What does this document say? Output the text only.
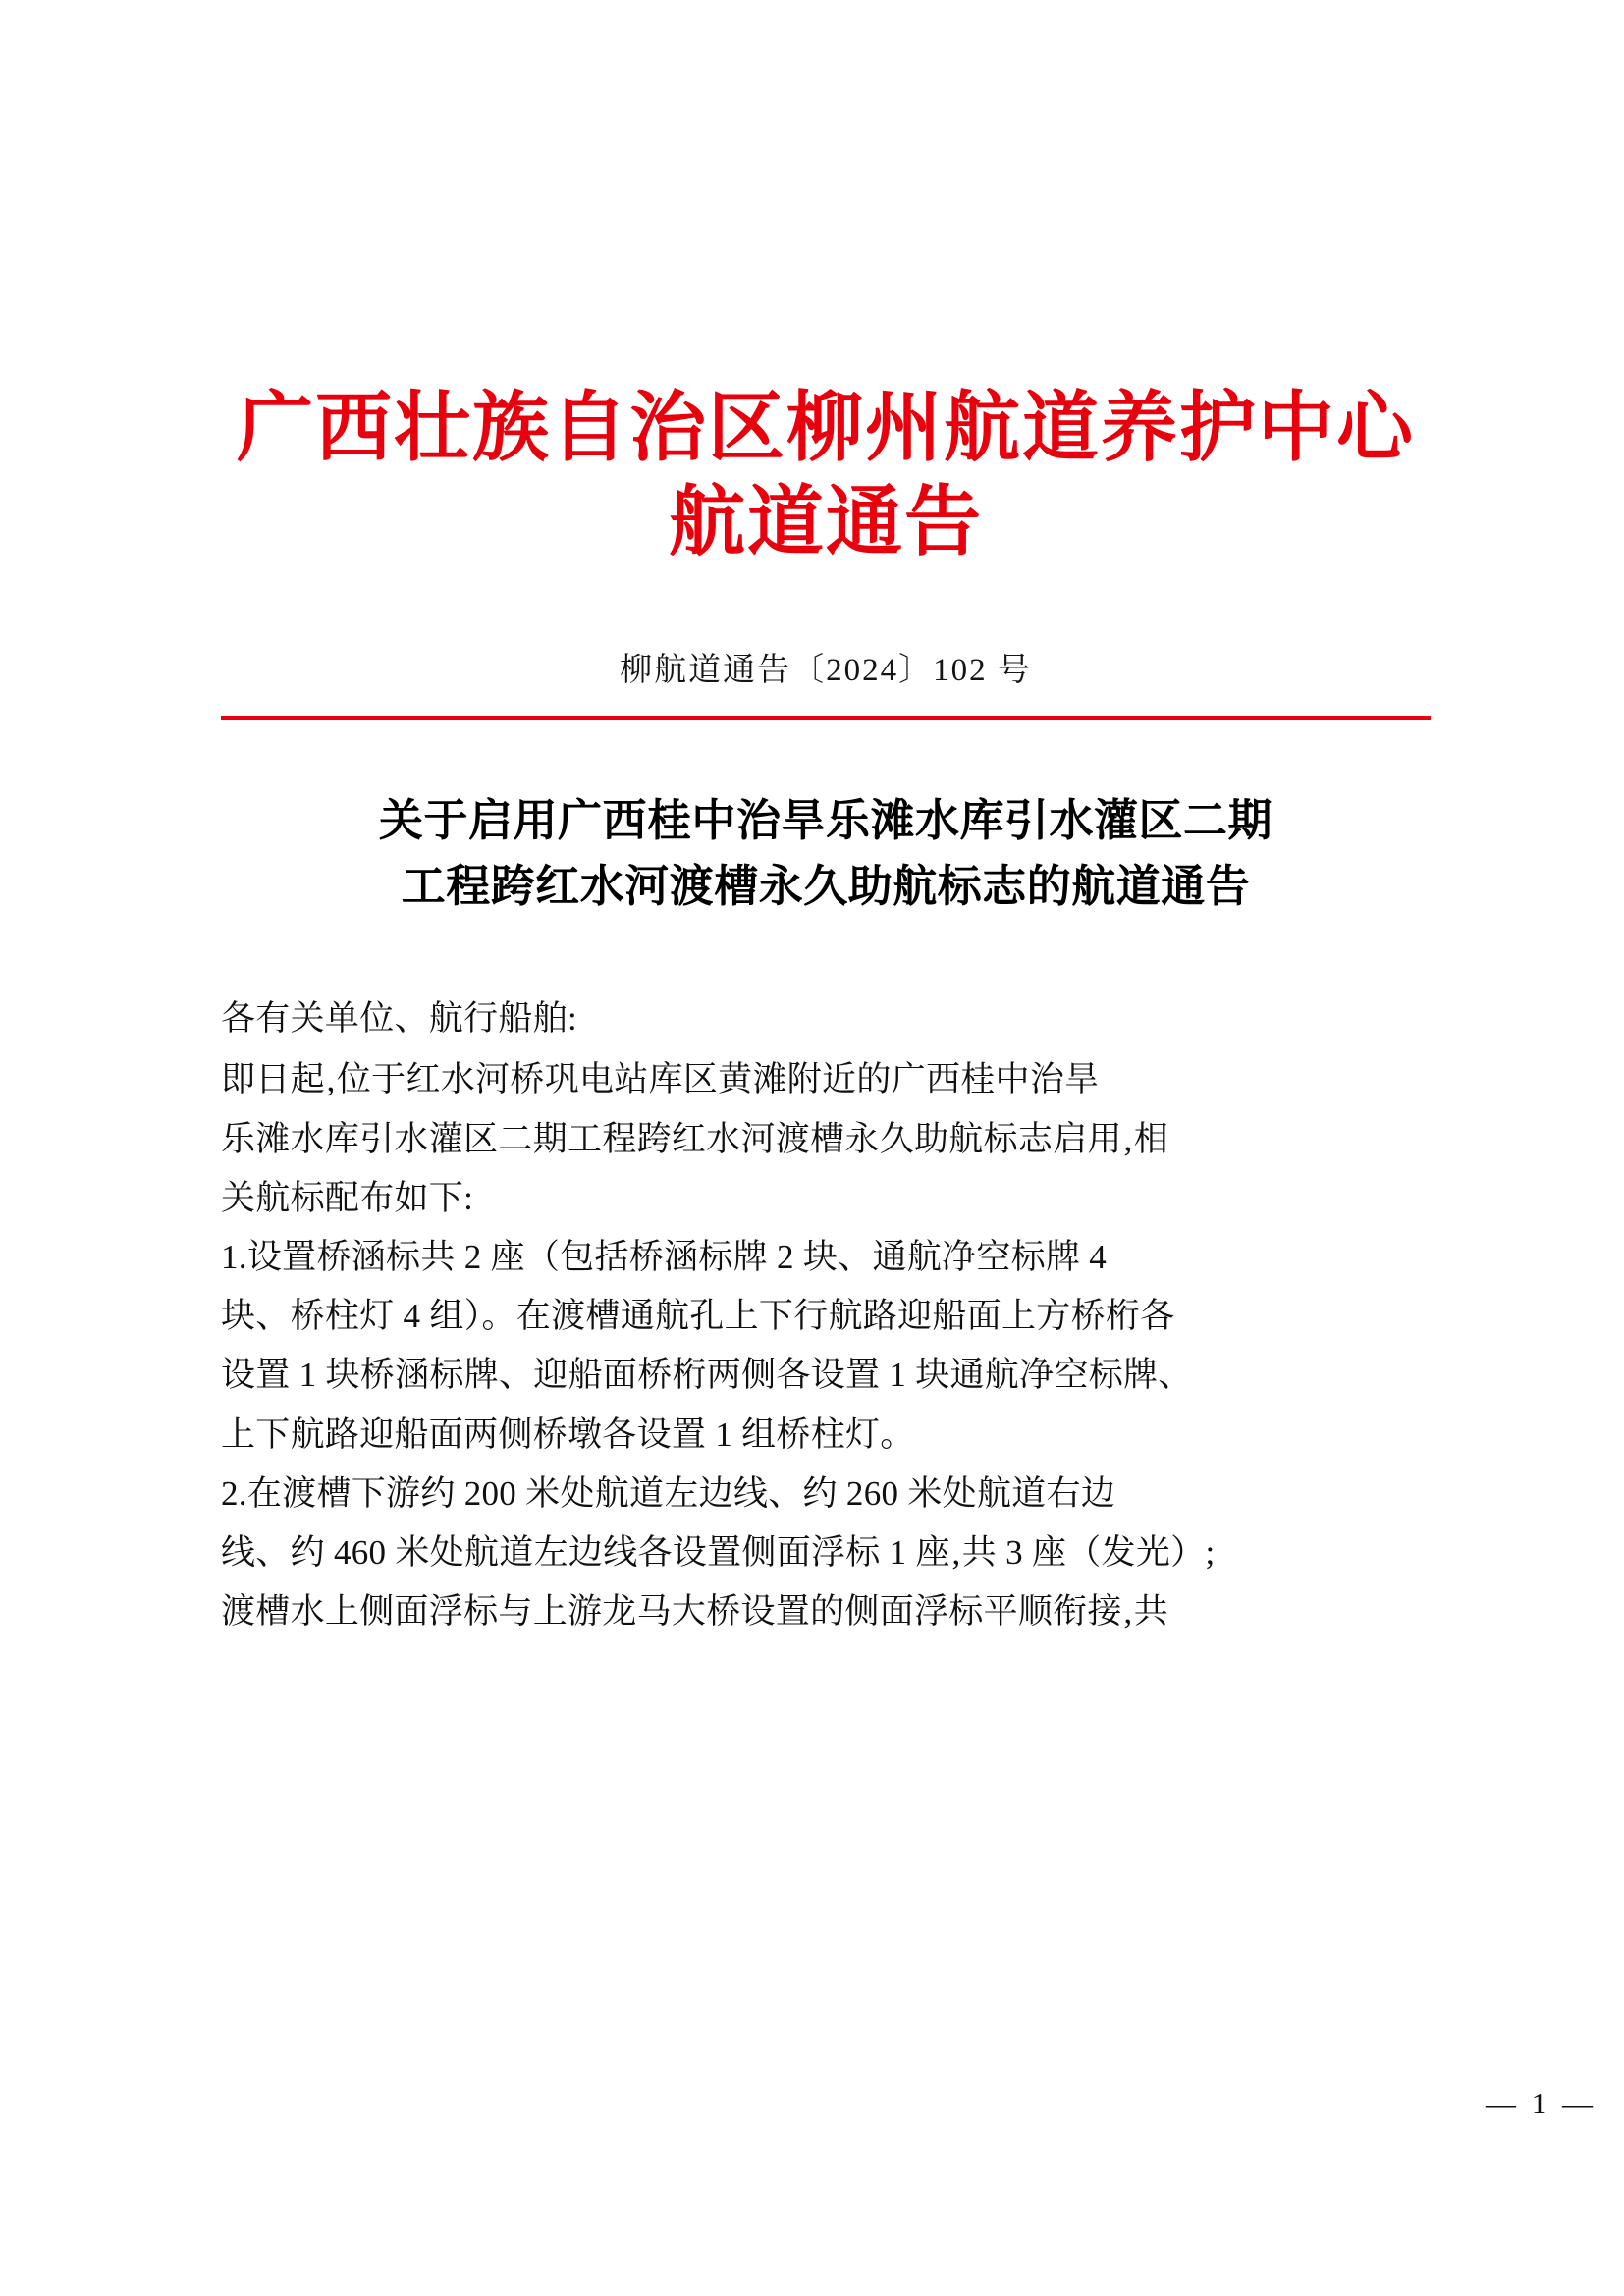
广西壮族自治区柳州航道养护中心
航道通告
柳航道通告〔2024〕102 号
关于启用广西桂中治旱乐滩水库引水灌区二期
工程跨红水河渡槽永久助航标志的航道通告

各有关单位、航行船舶:

即日起‚位于红水河桥巩电站库区黄滩附近的广西桂中治旱
乐滩水库引水灌区二期工程跨红水河渡槽永久助航标志启用‚相
关航标配布如下:

1.设置桥涵标共 2 座（包括桥涵标牌 2 块、通航净空标牌 4
块、桥柱灯 4 组）。在渡槽通航孔上下行航路迎船面上方桥桁各
设置 1 块桥涵标牌、迎船面桥桁两侧各设置 1 块通航净空标牌、
上下航路迎船面两侧桥墩各设置 1 组桥柱灯。

2.在渡槽下游约 200 米处航道左边线、约 260 米处航道右边
线、约 460 米处航道左边线各设置侧面浮标 1 座‚共 3 座（发光）;
渡槽水上侧面浮标与上游龙马大桥设置的侧面浮标平顺衔接‚共

— 1 —
